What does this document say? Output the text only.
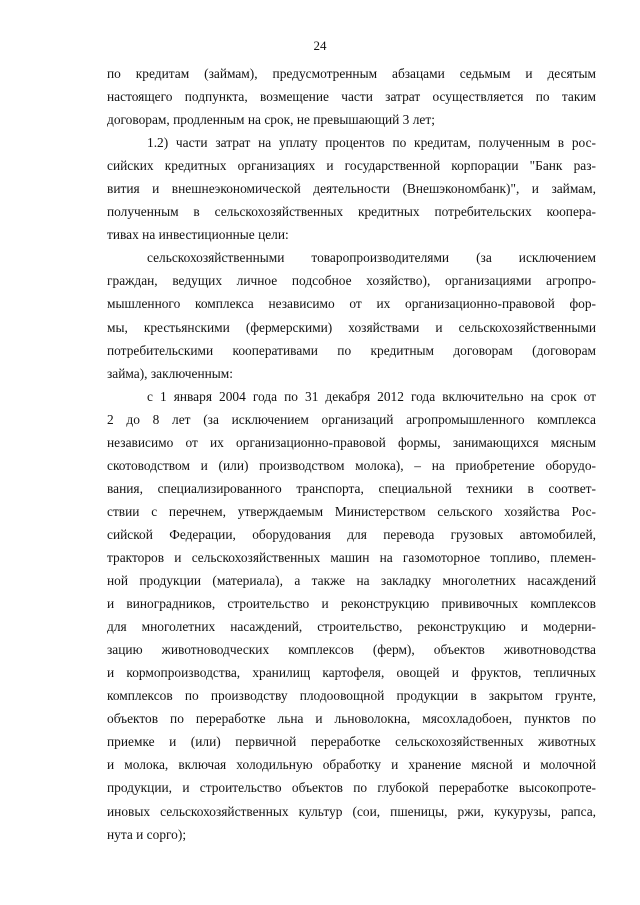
24
по кредитам (займам), предусмотренным абзацами седьмым и десятым
настоящего подпункта, возмещение части затрат осуществляется по таким
договорам, продленным на срок, не превышающий 3 лет;
1.2) части затрат на уплату процентов по кредитам, полученным в рос-
сийских кредитных организациях и государственной корпорации "Банк раз-
вития и внешнеэкономической деятельности (Внешэкономбанк)", и займам,
полученным в сельскохозяйственных кредитных потребительских коопера-
тивах на инвестиционные цели:
сельскохозяйственными товаропроизводителями (за исключением
граждан, ведущих личное подсобное хозяйство), организациями агропро-
мышленного комплекса независимо от их организационно-правовой фор-
мы, крестьянскими (фермерскими) хозяйствами и сельскохозяйственными
потребительскими кооперативами по кредитным договорам (договорам
займа), заключенным:
с 1 января 2004 года по 31 декабря 2012 года включительно на срок от
2 до 8 лет (за исключением организаций агропромышленного комплекса
независимо от их организационно-правовой формы, занимающихся мясным
скотоводством и (или) производством молока), – на приобретение оборудо-
вания, специализированного транспорта, специальной техники в соответ-
ствии с перечнем, утверждаемым Министерством сельского хозяйства Рос-
сийской Федерации, оборудования для перевода грузовых автомобилей,
тракторов и сельскохозяйственных машин на газомоторное топливо, племен-
ной продукции (материала), а также на закладку многолетних насаждений
и виноградников, строительство и реконструкцию прививочных комплексов
для многолетних насаждений, строительство, реконструкцию и модерни-
зацию животноводческих комплексов (ферм), объектов животноводства
и кормопроизводства, хранилищ картофеля, овощей и фруктов, тепличных
комплексов по производству плодоовощной продукции в закрытом грунте,
объектов по переработке льна и льноволокна, мясохладобоен, пунктов по
приемке и (или) первичной переработке сельскохозяйственных животных
и молока, включая холодильную обработку и хранение мясной и молочной
продукции, и строительство объектов по глубокой переработке высокопроте-
иновых сельскохозяйственных культур (сои, пшеницы, ржи, кукурузы, рапса,
нута и сорго);
